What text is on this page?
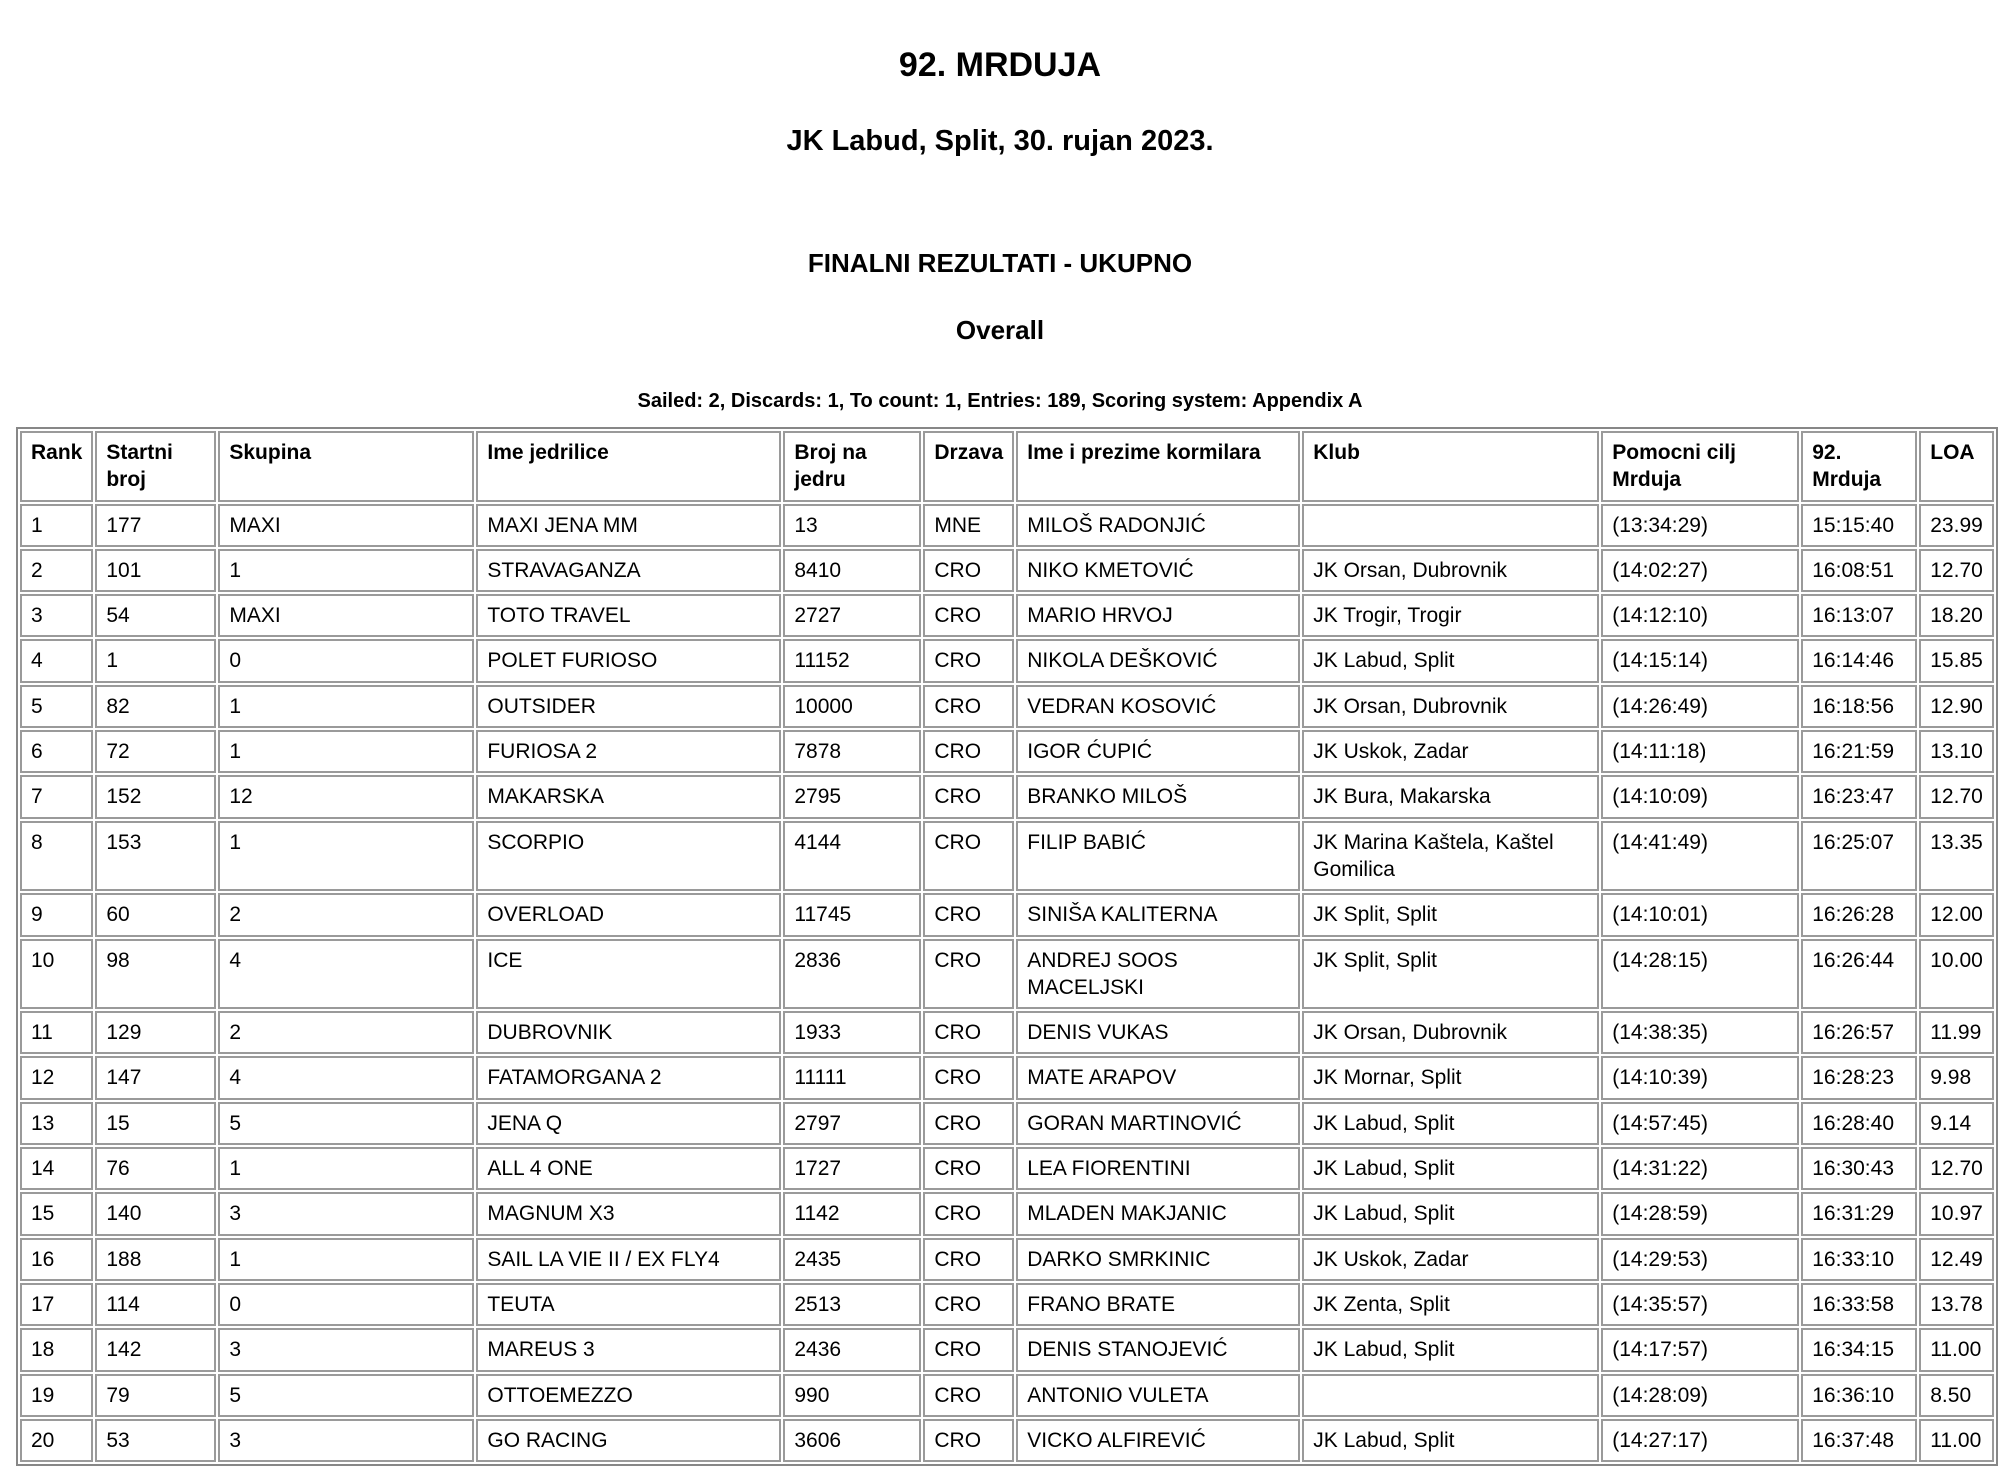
92. MRDUJA
JK Labud, Split, 30. rujan 2023.
FINALNI REZULTATI - UKUPNO
Overall

Sailed: 2, Discards: 1, To count: 1, Entries: 189, Scoring system: Appendix A

Rank	Startni broj	Skupina	Ime jedrilice	Broj na jedru	Drzava	Ime i prezime kormilara	Klub	Pomocni cilj Mrduja	92. Mrduja	LOA
1	177	MAXI	MAXI JENA MM	13	MNE	MILOŠ RADONJIĆ		(13:34:29)	15:15:40	23.99
2	101	1	STRAVAGANZA	8410	CRO	NIKO KMETOVIĆ	JK Orsan, Dubrovnik	(14:02:27)	16:08:51	12.70
3	54	MAXI	TOTO TRAVEL	2727	CRO	MARIO HRVOJ	JK Trogir, Trogir	(14:12:10)	16:13:07	18.20
4	1	0	POLET FURIOSO	11152	CRO	NIKOLA DEŠKOVIĆ	JK Labud, Split	(14:15:14)	16:14:46	15.85
5	82	1	OUTSIDER	10000	CRO	VEDRAN KOSOVIĆ	JK Orsan, Dubrovnik	(14:26:49)	16:18:56	12.90
6	72	1	FURIOSA 2	7878	CRO	IGOR ĆUPIĆ	JK Uskok, Zadar	(14:11:18)	16:21:59	13.10
7	152	12	MAKARSKA	2795	CRO	BRANKO MILOŠ	JK Bura, Makarska	(14:10:09)	16:23:47	12.70
8	153	1	SCORPIO	4144	CRO	FILIP BABIĆ	JK Marina Kaštela, Kaštel Gomilica	(14:41:49)	16:25:07	13.35
9	60	2	OVERLOAD	11745	CRO	SINIŠA KALITERNA	JK Split, Split	(14:10:01)	16:26:28	12.00
10	98	4	ICE	2836	CRO	ANDREJ SOOS MACELJSKI	JK Split, Split	(14:28:15)	16:26:44	10.00
11	129	2	DUBROVNIK	1933	CRO	DENIS VUKAS	JK Orsan, Dubrovnik	(14:38:35)	16:26:57	11.99
12	147	4	FATAMORGANA 2	11111	CRO	MATE ARAPOV	JK Mornar, Split	(14:10:39)	16:28:23	9.98
13	15	5	JENA Q	2797	CRO	GORAN MARTINOVIĆ	JK Labud, Split	(14:57:45)	16:28:40	9.14
14	76	1	ALL 4 ONE	1727	CRO	LEA FIORENTINI	JK Labud, Split	(14:31:22)	16:30:43	12.70
15	140	3	MAGNUM X3	1142	CRO	MLADEN MAKJANIC	JK Labud, Split	(14:28:59)	16:31:29	10.97
16	188	1	SAIL LA VIE II / EX FLY4	2435	CRO	DARKO SMRKINIC	JK Uskok, Zadar	(14:29:53)	16:33:10	12.49
17	114	0	TEUTA	2513	CRO	FRANO BRATE	JK Zenta, Split	(14:35:57)	16:33:58	13.78
18	142	3	MAREUS 3	2436	CRO	DENIS STANOJEVIĆ	JK Labud, Split	(14:17:57)	16:34:15	11.00
19	79	5	OTTOEMEZZO	990	CRO	ANTONIO VULETA		(14:28:09)	16:36:10	8.50
20	53	3	GO RACING	3606	CRO	VICKO ALFIREVIĆ	JK Labud, Split	(14:27:17)	16:37:48	11.00
